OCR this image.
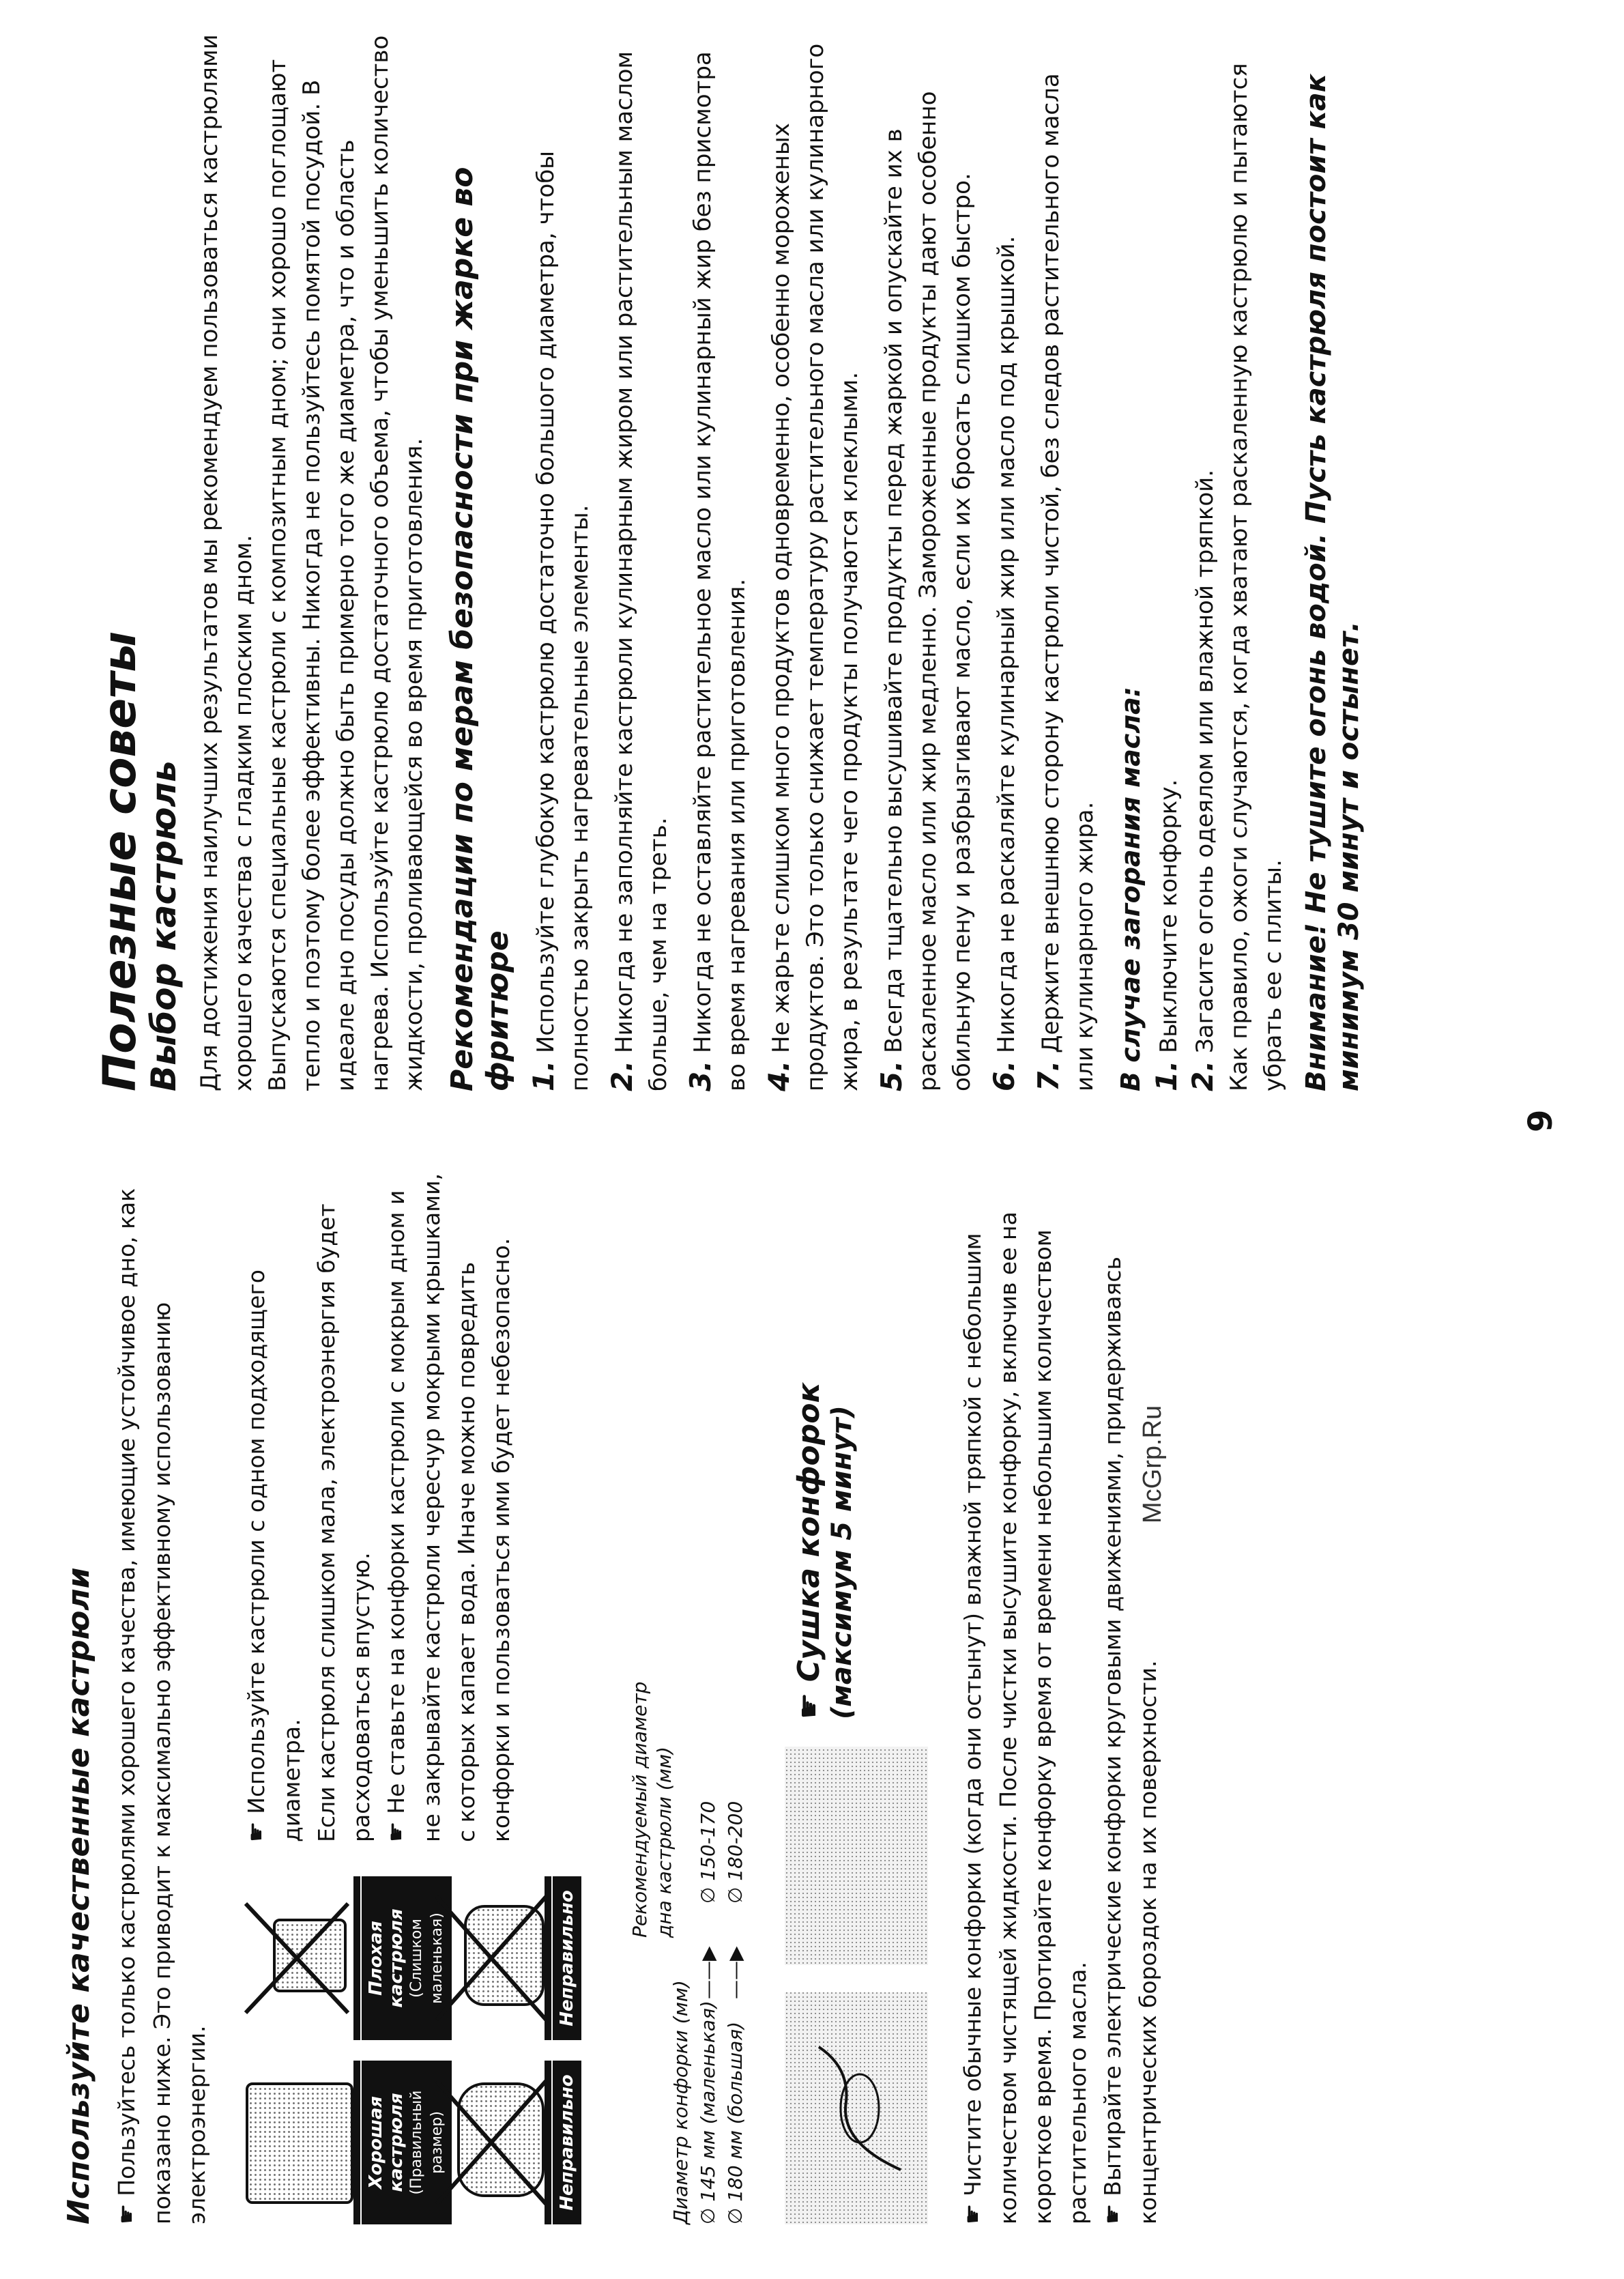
Используйте качественные кастрюли ☛ Пользуйтесь только кастрюлями хорошего качества, имеющие устойчивое дно, как показано ниже. Это приводит к максимально эффективному использованию электроэнергии.	Хорошая кастрюля (Правильный размер)
Плохая кастрюля (Слишком маленькая)
Неправильно
Неправильно

☛ Используйте кастрюли с одном подходящего диаметра. Если кастрюля слишком мала, электроэнергия будет расходоваться впустую. ☛ Не ставьте на конфорки кастрюли с мокрым дном и не закрывайте кастрюли чересчур мокрыми крышками, с которых капает вода. Иначе можно повредить конфорки и пользоваться ими будет небезопасно.

Диаметр конфорки (мм)
Рекомендуемый диаметр дна кастрюли (мм)
∅ 145 мм (маленькая)
——▶
∅ 150-170
∅ 180 мм (большая)
——▶
∅ 180-200
☛ Сушка конфорок (максимум 5 минут)

☛ Чистите обычные конфорки (когда они остынут) влажной тряпкой с небольшим количеством чистящей жидкости. После чистки высушите конфорку, включив ее на короткое время. Протирайте конфорку время от времени небольшим количеством растительного масла. ☛ Вытирайте электрические конфорки круговыми движениями, придерживаясь концентрических бороздок на их поверхности.

Полезные советы
Выбор кастрюль Для достижения наилучших результатов мы рекомендуем пользоваться кастрюлями хорошего качества с гладким плоским дном. Выпускаются специальные кастрюли с композитным дном; они хорошо поглощают тепло и поэтому более эффективны. Никогда не пользуйтесь помятой посудой. В идеале дно посуды должно быть примерно того же диаметра, что и область нагрева. Используйте кастрюлю достаточного объема, чтобы уменьшить количество жидкости, проливающейся во время приготовления. Рекомендации по мерам безопасности при жарке во фритюре 1. Используйте глубокую кастрюлю достаточно большого диаметра, чтобы полностью закрыть нагревательные элементы. 2. Никогда не заполняйте кастрюли кулинарным жиром или растительным маслом больше, чем на треть. 3. Никогда не оставляйте растительное масло или кулинарный жир без присмотра во время нагревания или приготовления. 4. Не жарьте слишком много продуктов одновременно, особенно мороженых продуктов. Это только снижает температуру растительного масла или кулинарного жира, в результате чего продукты получаются клеклыми. 5. Всегда тщательно высушивайте продукты перед жаркой и опускайте их в раскаленное масло или жир медленно. Замороженные продукты дают особенно обильную пену и разбрызгивают масло, если их бросать слишком быстро. 6. Никогда не раскаляйте кулинарный жир или масло под крышкой.

7. Держите внешнюю сторону кастрюли чистой, без следов растительного масла или кулинарного жира. В случае загорания масла: 1. Выключите конфорку.

2. Загасите огонь одеялом или влажной тряпкой. Как правило, ожоги случаются, когда хватают раскаленную кастрюлю и пытаются убрать ее с плиты. Внимание! Не тушите огонь водой. Пусть кастрюля постоит как минимум 30 минут и остынет.

McGrp.Ru
9
